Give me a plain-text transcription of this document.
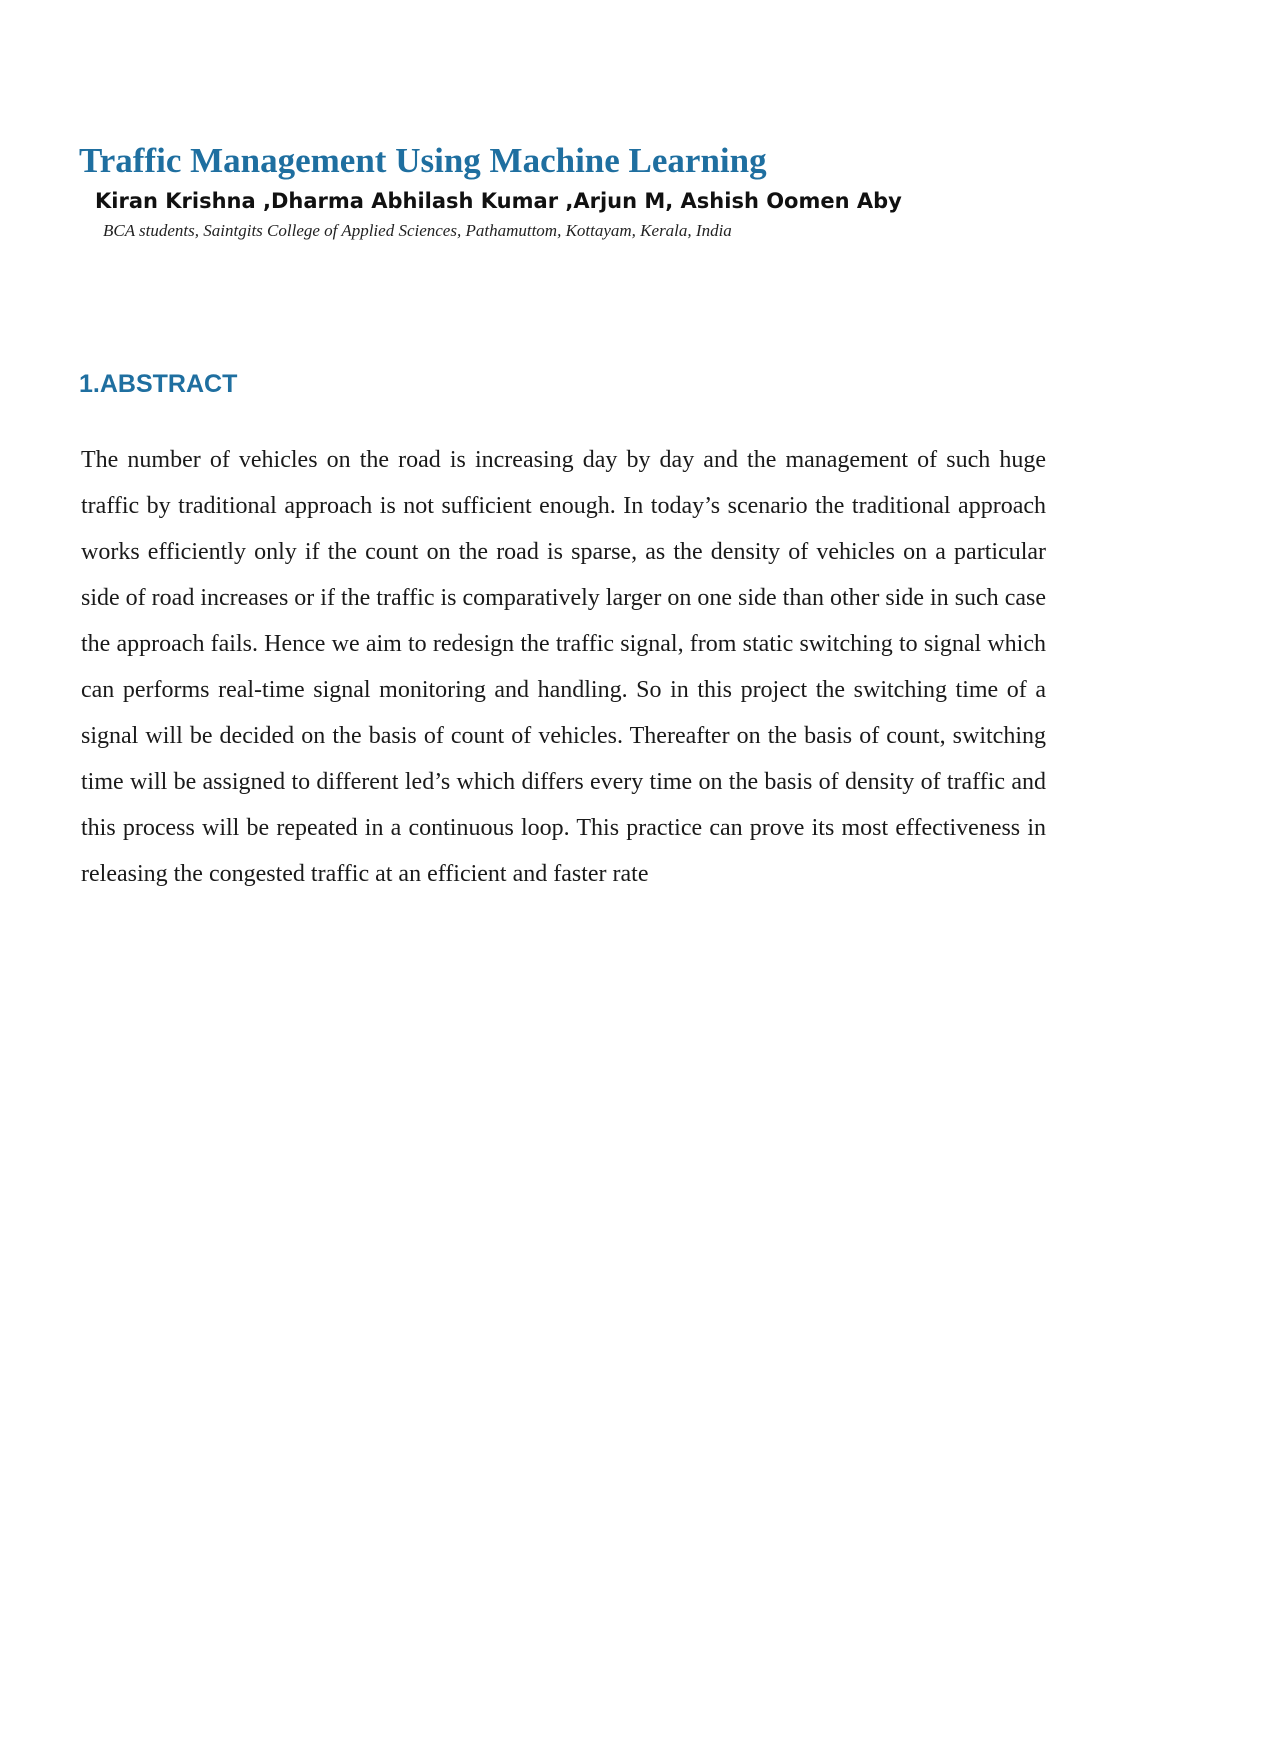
Traffic Management Using Machine Learning

Kiran Krishna ,Dharma Abhilash Kumar ,Arjun M, Ashish Oomen Aby

BCA students, Saintgits College of Applied Sciences, Pathamuttom, Kottayam, Kerala, India

1.ABSTRACT

The number of vehicles on the road is increasing day by day and the management of such huge traffic by traditional approach is not sufficient enough. In today’s scenario the traditional approach works efficiently only if the count on the road is sparse, as the density of vehicles on a particular side of road increases or if the traffic is comparatively larger on one side than other side in such case the approach fails. Hence we aim to redesign the traffic signal, from static switching to signal which can performs real-time signal monitoring and handling. So in this project the switching time of a signal will be decided on the basis of count of vehicles. Thereafter on the basis of count, switching time will be assigned to different led’s which differs every time on the basis of density of traffic and this process will be repeated in a continuous loop. This practice can prove its most effectiveness in releasing the congested traffic at an efficient and faster rate
